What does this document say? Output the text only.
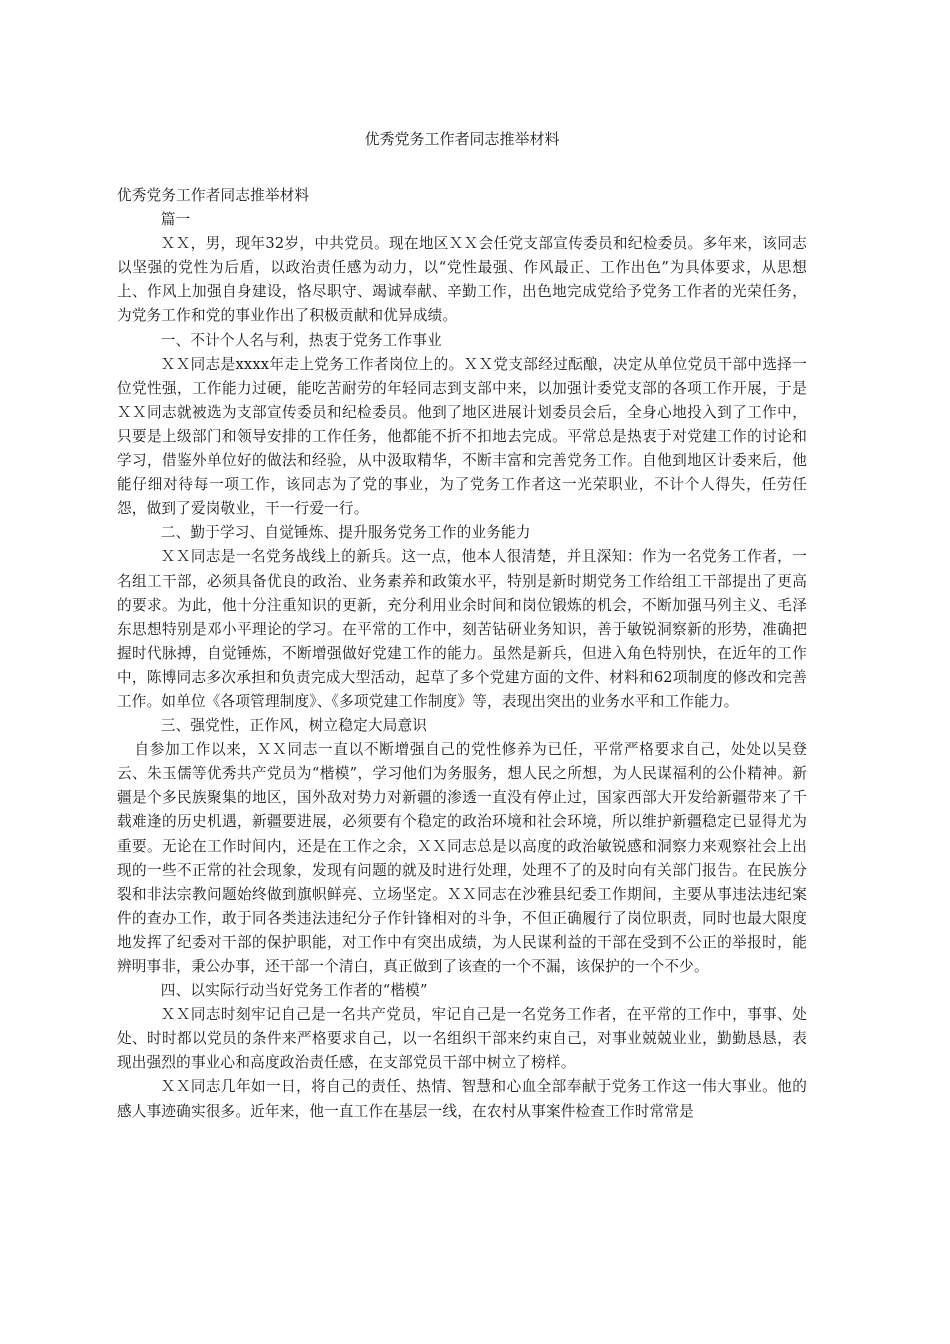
优秀党务工作者同志推举材料

优秀党务工作者同志推举材料

篇一

ＸＸ，男，现年32岁，中共党员。现在地区ＸＸ会任党支部宣传委员和纪检委员。多年来，该同志以坚强的党性为后盾，以政治责任感为动力，以“党性最强、作风最正、工作出色”为具体要求，从思想上、作风上加强自身建设，恪尽职守、竭诚奉献、辛勤工作，出色地完成党给予党务工作者的光荣任务，为党务工作和党的事业作出了积极贡献和优异成绩。

一、不计个人名与利，热衷于党务工作事业

ＸＸ同志是xxxx年走上党务工作者岗位上的。ＸＸ党支部经过酝酿，决定从单位党员干部中选择一位党性强，工作能力过硬，能吃苦耐劳的年轻同志到支部中来，以加强计委党支部的各项工作开展，于是ＸＸ同志就被选为支部宣传委员和纪检委员。他到了地区进展计划委员会后，全身心地投入到了工作中，只要是上级部门和领导安排的工作任务，他都能不折不扣地去完成。平常总是热衷于对党建工作的讨论和学习，借鉴外单位好的做法和经验，从中汲取精华，不断丰富和完善党务工作。自他到地区计委来后，他能仔细对待每一项工作，该同志为了党的事业，为了党务工作者这一光荣职业，不计个人得失，任劳任怨，做到了爱岗敬业，干一行爱一行。

二、勤于学习、自觉锤炼、提升服务党务工作的业务能力

ＸＸ同志是一名党务战线上的新兵。这一点，他本人很清楚，并且深知：作为一名党务工作者，一名组工干部，必须具备优良的政治、业务素养和政策水平，特别是新时期党务工作给组工干部提出了更高的要求。为此，他十分注重知识的更新，充分利用业余时间和岗位锻炼的机会，不断加强马列主义、毛泽东思想特别是邓小平理论的学习。在平常的工作中，刻苦钻研业务知识，善于敏锐洞察新的形势，准确把握时代脉搏，自觉锤炼，不断增强做好党建工作的能力。虽然是新兵，但进入角色特别快，在近年的工作中，陈博同志多次承担和负责完成大型活动，起草了多个党建方面的文件、材料和62项制度的修改和完善工作。如单位《各项管理制度》、《多项党建工作制度》等，表现出突出的业务水平和工作能力。

三、强党性，正作风，树立稳定大局意识

自参加工作以来，ＸＸ同志一直以不断增强自己的党性修养为已任，平常严格要求自己，处处以吴登云、朱玉儒等优秀共产党员为“楷模”，学习他们为务服务，想人民之所想，为人民谋福利的公仆精神。新疆是个多民族聚集的地区，国外敌对势力对新疆的渗透一直没有停止过，国家西部大开发给新疆带来了千载难逢的历史机遇，新疆要进展，必须要有个稳定的政治环境和社会环境，所以维护新疆稳定已显得尤为重要。无论在工作时间内，还是在工作之余，ＸＸ同志总是以高度的政治敏锐感和洞察力来观察社会上出现的一些不正常的社会现象，发现有问题的就及时进行处理，处理不了的及时向有关部门报告。在民族分裂和非法宗教问题始终做到旗帜鲜亮、立场坚定。ＸＸ同志在沙雅县纪委工作期间，主要从事违法违纪案件的查办工作，敢于同各类违法违纪分子作针锋相对的斗争，不但正确履行了岗位职责，同时也最大限度地发挥了纪委对干部的保护职能，对工作中有突出成绩，为人民谋利益的干部在受到不公正的举报时，能辨明事非，秉公办事，还干部一个清白，真正做到了该查的一个不漏，该保护的一个不少。

四、以实际行动当好党务工作者的“楷模”

ＸＸ同志时刻牢记自己是一名共产党员，牢记自己是一名党务工作者，在平常的工作中，事事、处处、时时都以党员的条件来严格要求自己，以一名组织干部来约束自己，对事业兢兢业业，勤勤恳恳，表现出强烈的事业心和高度政治责任感，在支部党员干部中树立了榜样。

ＸＸ同志几年如一日，将自己的责任、热情、智慧和心血全部奉献于党务工作这一伟大事业。他的感人事迹确实很多。近年来，他一直工作在基层一线，在农村从事案件检查工作时常常是
